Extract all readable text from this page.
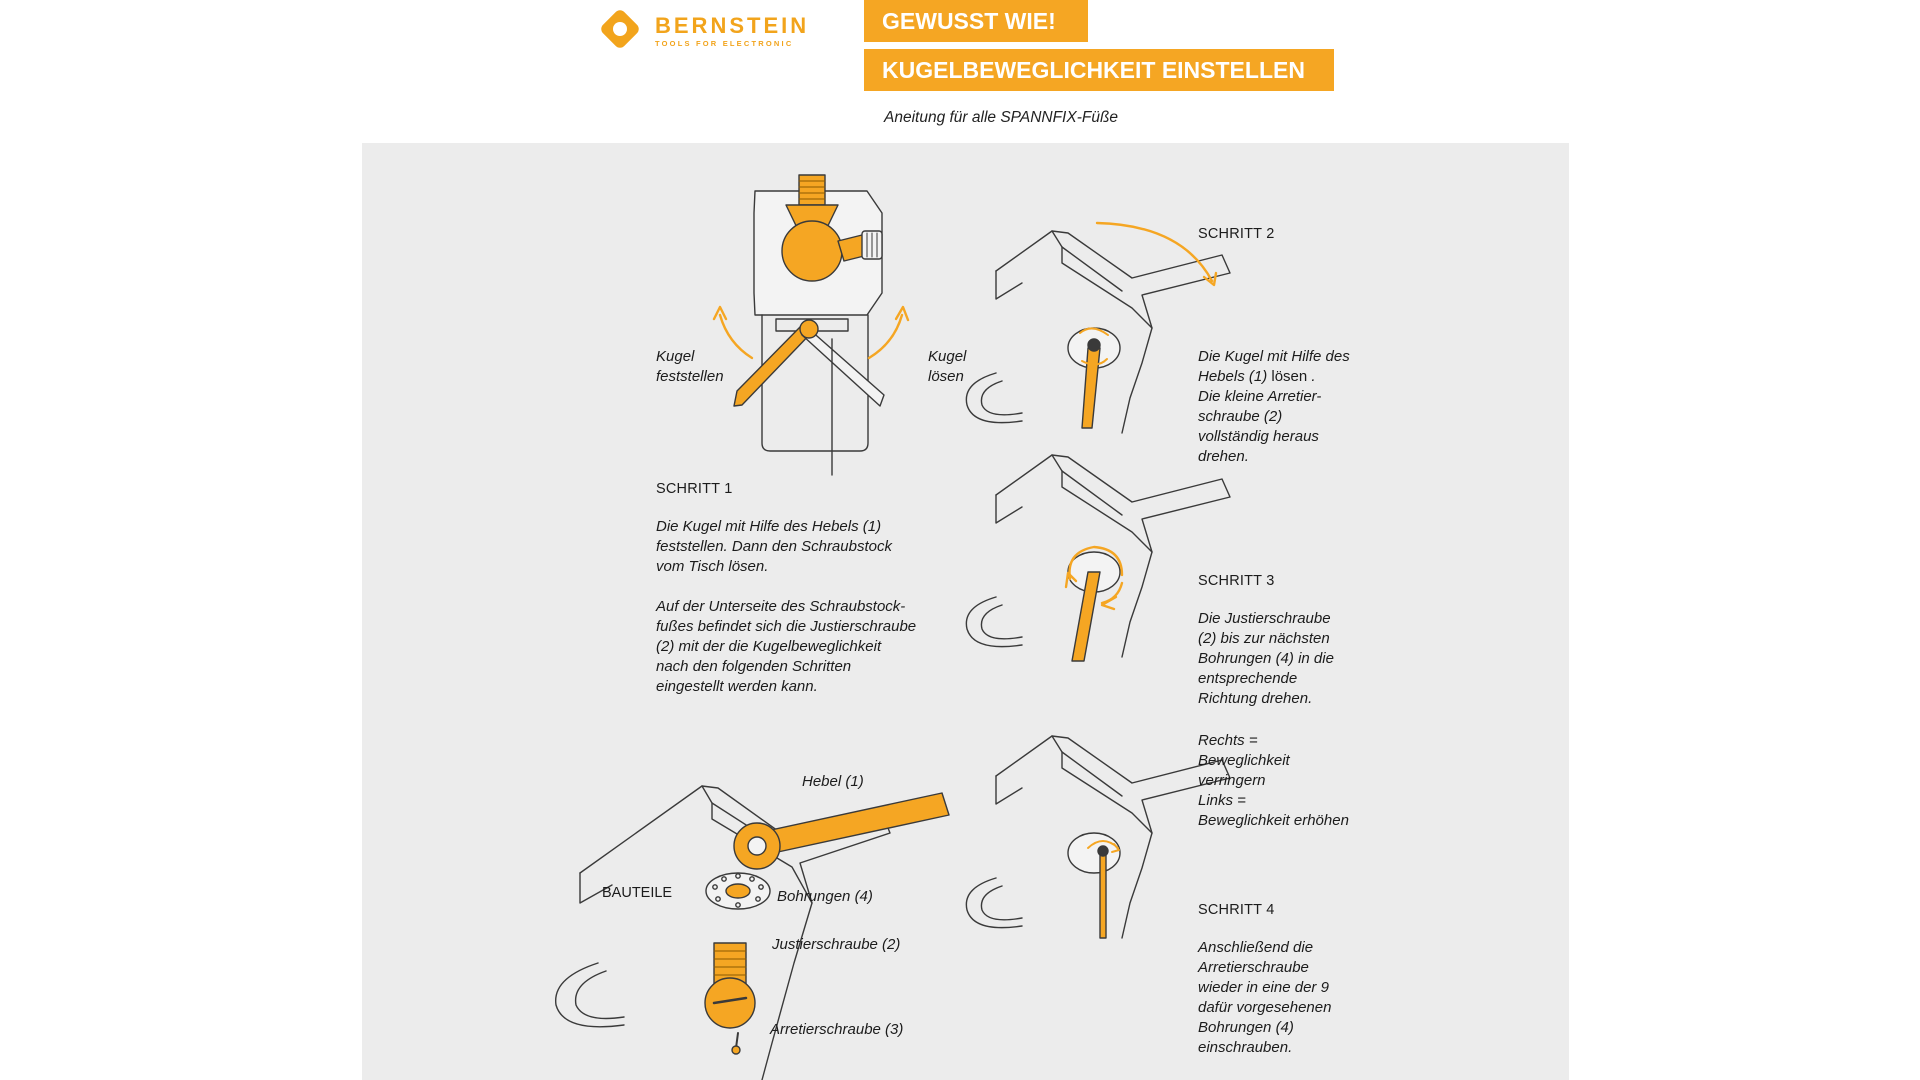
BERNSTEIN
TOOLS FOR ELECTRONIC
GEWUSST WIE!
KUGELBEWEGLICHKEIT EINSTELLEN
Aneitung für alle SPANNFIX-Füße
Kugel
feststellen
Kugel
lösen
SCHRITT 1
Die Kugel mit Hilfe des Hebels (1)
feststellen. Dann den Schraubstock
vom Tisch lösen.
Auf der Unterseite des Schraubstock-
fußes befindet sich die Justierschraube
(2) mit der die Kugelbeweglichkeit
nach den folgenden Schritten
eingestellt werden kann.
SCHRITT 2
Die Kugel mit Hilfe des
Hebels (1) lösen .
Die kleine Arretier-
schraube (2)
vollständig heraus
drehen.
SCHRITT 3
Die Justierschraube
(2) bis zur nächsten
Bohrungen (4) in die
entsprechende
Richtung drehen.
Rechts =
Beweglichkeit
verringern
Links =
Beweglichkeit erhöhen
SCHRITT 4
Anschließend die
Arretierschraube
wieder in eine der 9
dafür vorgesehenen
Bohrungen (4)
einschrauben.
Hebel (1)
BAUTEILE	Bohrungen (4)
Justierschraube (2)
Arretierschraube (3)
